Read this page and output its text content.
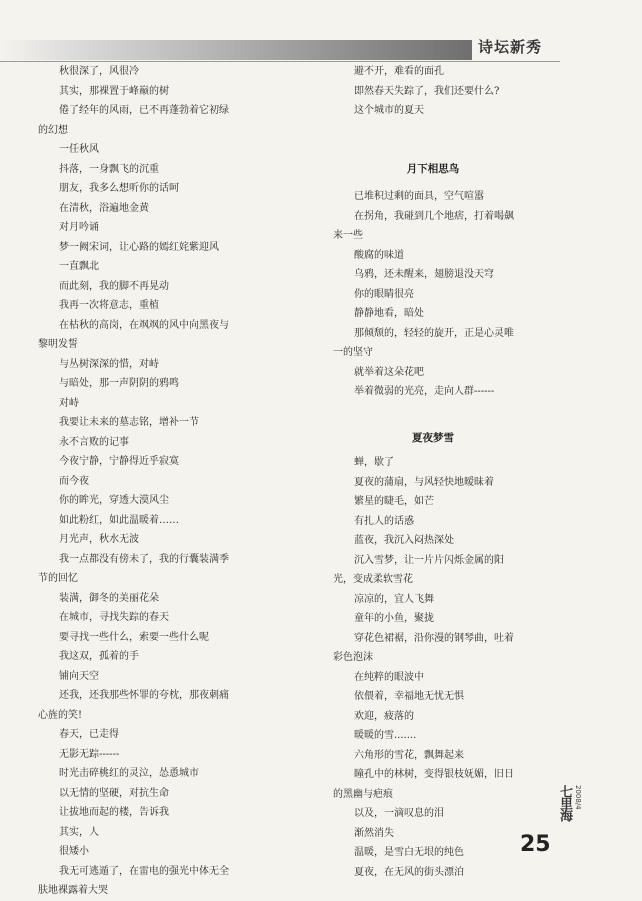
诗坛新秀
秋很深了，风很冷
其实，那裸置于峰巅的树
倦了经年的风雨，已不再蓬勃着它初绿
的幻想
一任秋风
抖落，一身飘飞的沉重
朋友，我多么想听你的话呵
在清秋，浴遍地金黄
对月吟诵
梦一阙宋词，让心路的嫣红姹紫迎风
一直飘北
而此刻，我的脚不再晃动
我再一次将意志，重植
在枯秋的高岗，在飒飒的风中向黑夜与
黎明发誓
与丛树深深的惜，对峙
与暗处，那一声阴阴的鸦鸣
对峙
我要让未来的墓志铭，增补一节
永不言败的记事
今夜宁静，宁静得近乎寂寞
而今夜
你的眸光，穿透大漠风尘
如此粉红，如此温暖着……
月光声，秋水无波
我一点都没有傍未了，我的行囊装满季
节的回忆
装满，御冬的美丽花朵
在城市，寻找失踪的春天
要寻找一些什么，索要一些什么呢
我这双，孤着的手
铺向天空
还我，还我那些怀罪的夸枕，那夜刺痛
心旌的笑!
春天，已走得
无影无踪------
时光击碎桃红的灵泣，怂恿城市
以无情的坚硬，对抗生命
让拔地而起的楼，告诉我
其实，人
很矮小
我无可逃遁了，在雷电的强光中体无全
肤地裸露着大哭
避不开，难看的面孔
即然春天失踪了，我们还要什么?
这个城市的夏天
月下相思鸟
已堆积过剩的面具，空气喧嚣
在拐角，我碰到几个地痞，打着喝飙
来一些
酸腐的味道
乌鸦，还未醒来，翅膀退没天穹
你的眼睛很亮
静静地看，暗处
那倾颓的，轻轻的旋开，正是心灵唯
一的坚守
就举着这朵花吧
举着微弱的光亮，走向人群------
夏夜梦雪
蝉，歇了
夏夜的蒲扇，与风轻快地暧昧着
繁星的睫毛，如芒
有扎人的话惑
蓝夜，我沉入闷热深处
沉入雪梦，让一片片闪烁金属的阳
光，变成柔软雪花
凉凉的，宜人飞舞
童年的小鱼，聚拢
穿花色裙裾，沿你漫的钢琴曲，吐着
彩色泡沫
在纯粹的眼波中
依偎着，幸福地无忧无惧
欢迎，疲落的
暖暖的雪.......
六角形的雪花，飘舞起来
瞳孔中的林树，变得银枝妩媚，旧日
的黑幽与疤痕
以及，一滴叹息的泪
渐然消失
温暖，是雪白无垠的纯色
夏夜，在无风的街头漂泊
七里海 2008/4
25
